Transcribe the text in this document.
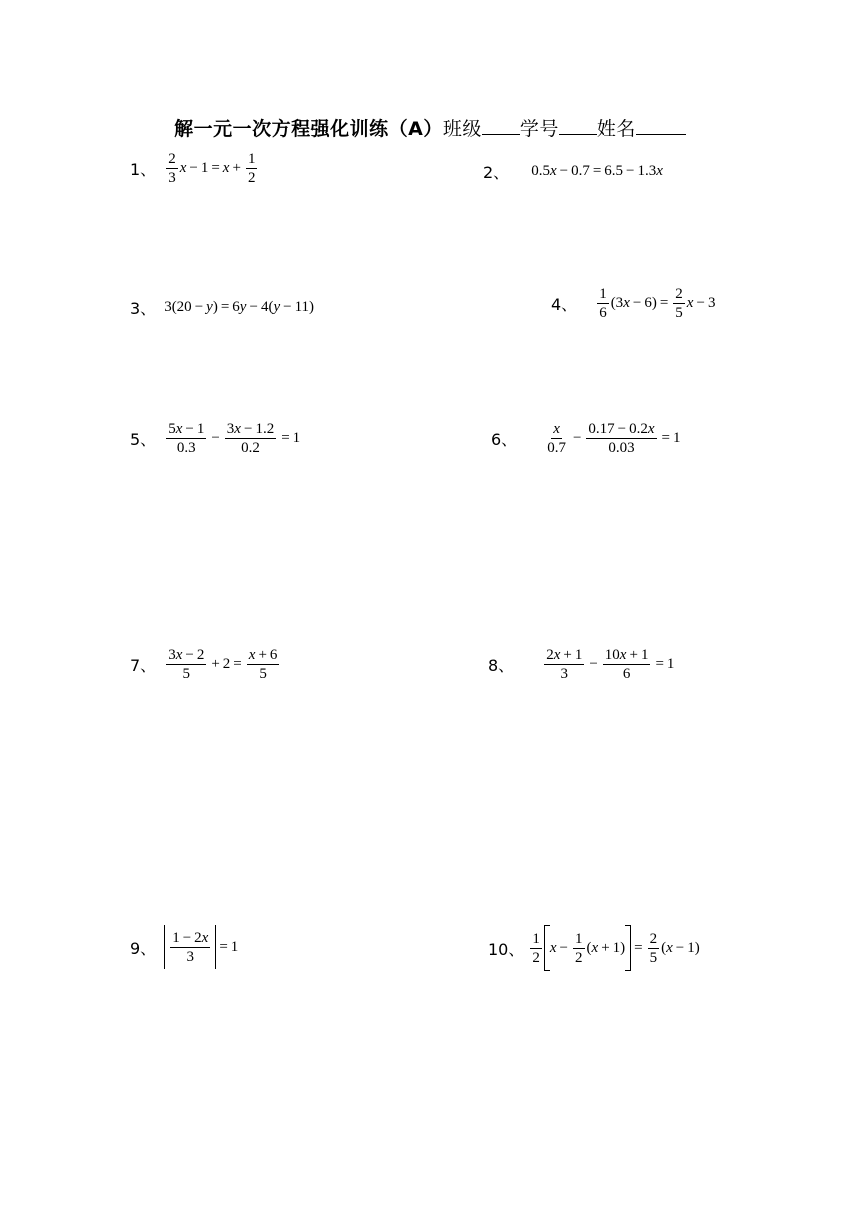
解一元一次方程强化训练（A）班级 学号 姓名
1、 $\frac{2}{3}$ $x - 1 = x + \frac{1}{2}$	2、 0.5 x − 0.7 = 6.5 − 1.3 x
3、 3(20 − y ) = 6 y − 4( y − 11)	4、 $\frac{1}{6} (3$ $x - 6) = \frac{2}{5}$ x − 3
5、 $\frac{5x - 1}{0.3} - \frac{3x - 1.2}{0.2} = 1$	6、 $\frac{x}{0.7} - \frac{0.17 - 0.2x}{0.03} = 1$
7、 $\frac{3x - 2}{5} + 2 = \frac{x + 6}{5}$	8、 $\frac{2x + 1}{3} - \frac{10x + 1}{6} = 1$
9、 $\frac{1 - 2x}{3} = 1$	10、 $\frac{1}{2}$ $x - \frac{1}{2}$ ( $x + 1) = \frac{2}{5}$ ( x − 1)
